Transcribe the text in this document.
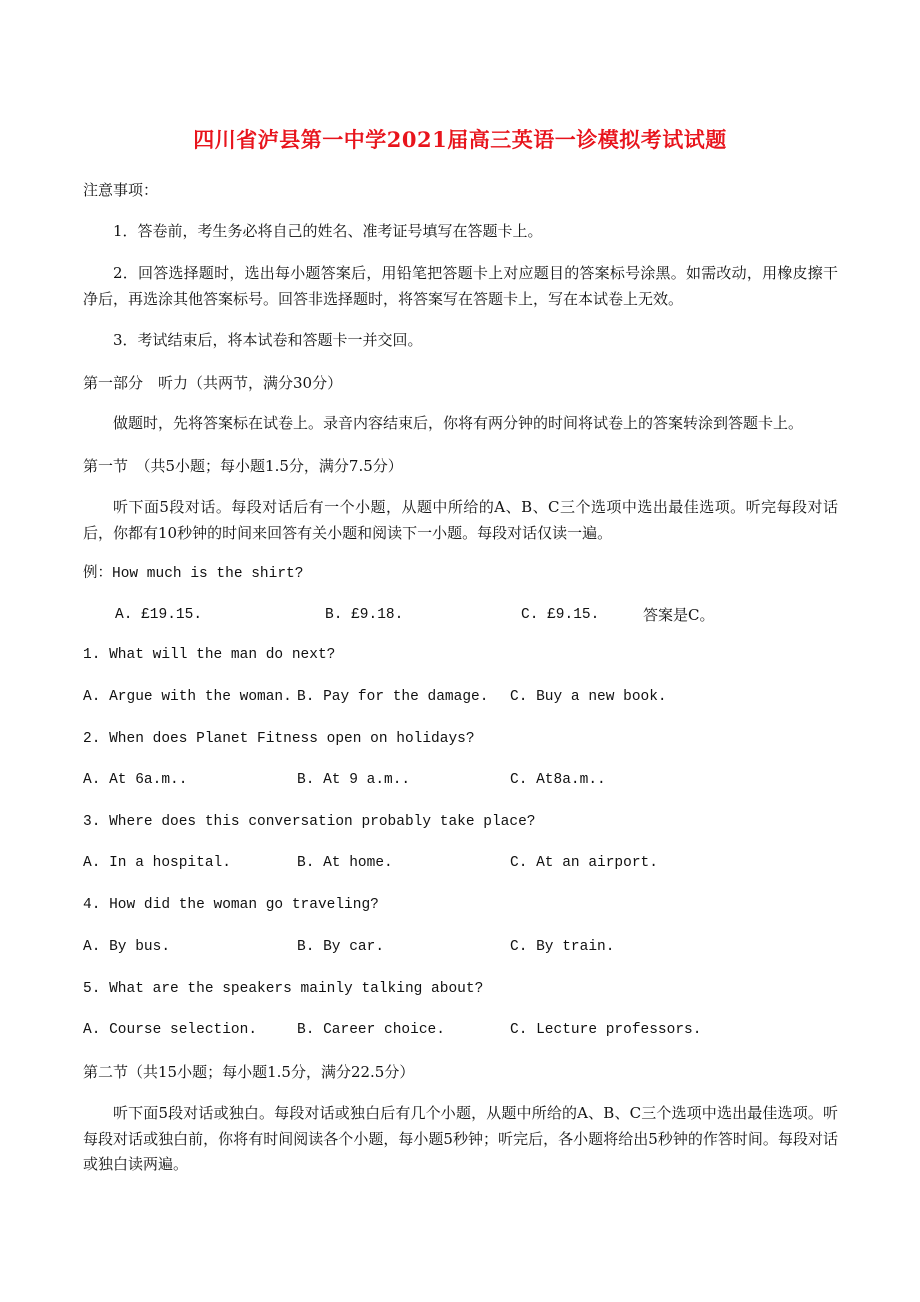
四川省泸县第一中学2021届高三英语一诊模拟考试试题
注意事项：
1．答卷前，考生务必将自己的姓名、准考证号填写在答题卡上。
2．回答选择题时，选出每小题答案后，用铅笔把答题卡上对应题目的答案标号涂黑。如需改动，用橡皮擦干净后，再选涂其他答案标号。回答非选择题时，将答案写在答题卡上，写在本试卷上无效。
3．考试结束后，将本试卷和答题卡一并交回。
第一部分　听力（共两节，满分30分）
做题时，先将答案标在试卷上。录音内容结束后，你将有两分钟的时间将试卷上的答案转涂到答题卡上。
第一节　（共5小题；每小题1.5分，满分7.5分）
听下面5段对话。每段对话后有一个小题，从题中所给的A、B、C三个选项中选出最佳选项。听完每段对话后，你都有10秒钟的时间来回答有关小题和阅读下一小题。每段对话仅读一遍。
例：How much is the shirt?
A. £19.15.	B. £9.18.	C. £9.15.	答案是C。
1. What will the man do next?
A. Argue with the woman. B. Pay for the damage. C. Buy a new book.
2. When does Planet Fitness open on holidays?
A. At 6a.m..	B. At 9 a.m..	C. At8a.m..
3. Where does this conversation probably take place?
A. In a hospital.	B. At home.	C. At an airport.
4. How did the woman go traveling?
A. By bus.	B. By car.	C. By train.
5. What are the speakers mainly talking about?
A. Course selection.	B. Career choice.	C. Lecture professors.
第二节（共15小题；每小题1.5分，满分22.5分）
听下面5段对话或独白。每段对话或独白后有几个小题，从题中所给的A、B、C三个选项中选出最佳选项。听每段对话或独白前，你将有时间阅读各个小题，每小题5秒钟；听完后，各小题将给出5秒钟的作答时间。每段对话或独白读两遍。
